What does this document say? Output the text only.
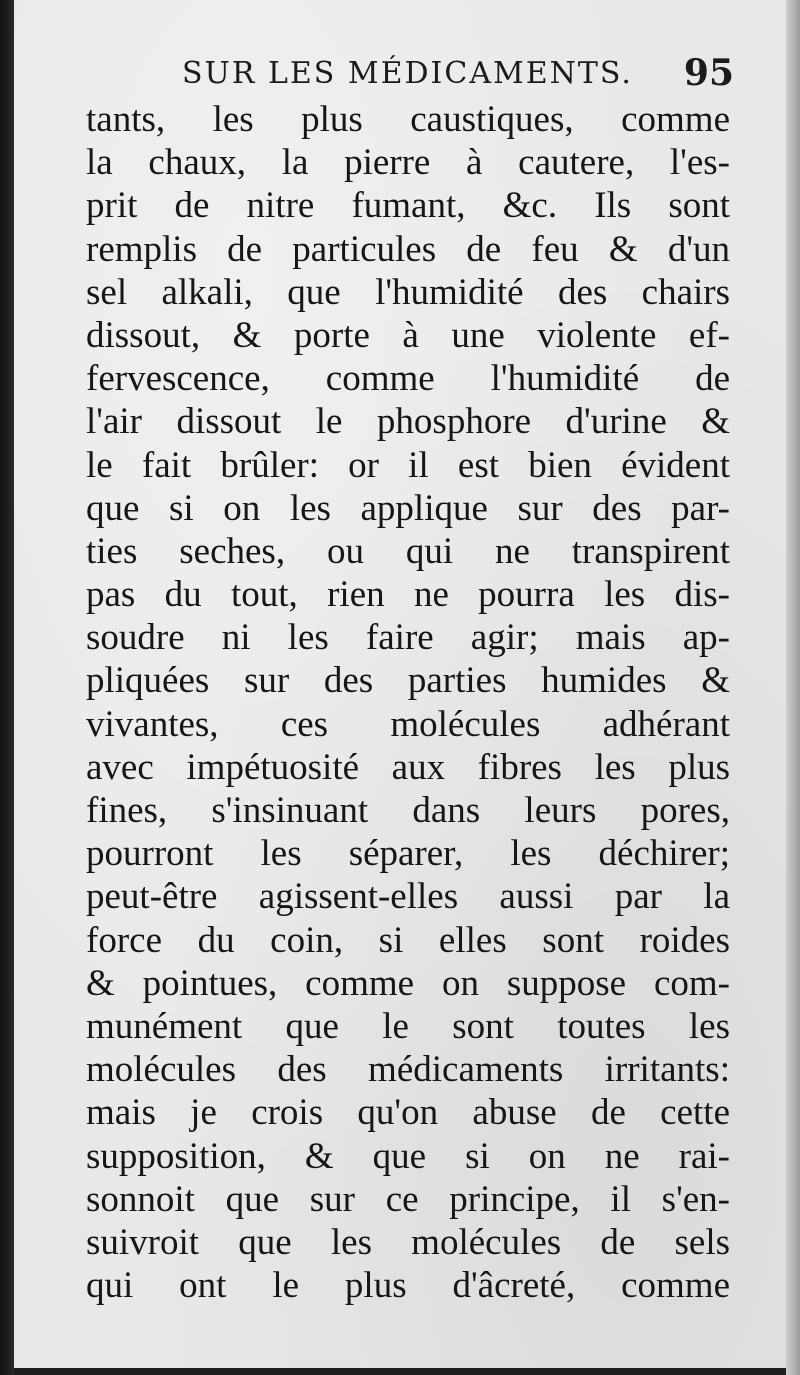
SUR LES MÉDICAMENTS. 95
tants, les plus caustiques, comme
la chaux, la pierre à cautere, l'es-
prit de nitre fumant, &c. Ils sont
remplis de particules de feu & d'un
sel alkali, que l'humidité des chairs
dissout, & porte à une violente ef-
fervescence, comme l'humidité de
l'air dissout le phosphore d'urine &
le fait brûler: or il est bien évident
que si on les applique sur des par-
ties seches, ou qui ne transpirent
pas du tout, rien ne pourra les dis-
soudre ni les faire agir; mais ap-
pliquées sur des parties humides &
vivantes, ces molécules adhérant
avec impétuosité aux fibres les plus
fines, s'insinuant dans leurs pores,
pourront les séparer, les déchirer;
peut-être agissent-elles aussi par la
force du coin, si elles sont roides
& pointues, comme on suppose com-
munément que le sont toutes les
molécules des médicaments irritants:
mais je crois qu'on abuse de cette
supposition, & que si on ne rai-
sonnoit que sur ce principe, il s'en-
suivroit que les molécules de sels
qui ont le plus d'âcreté, comme
